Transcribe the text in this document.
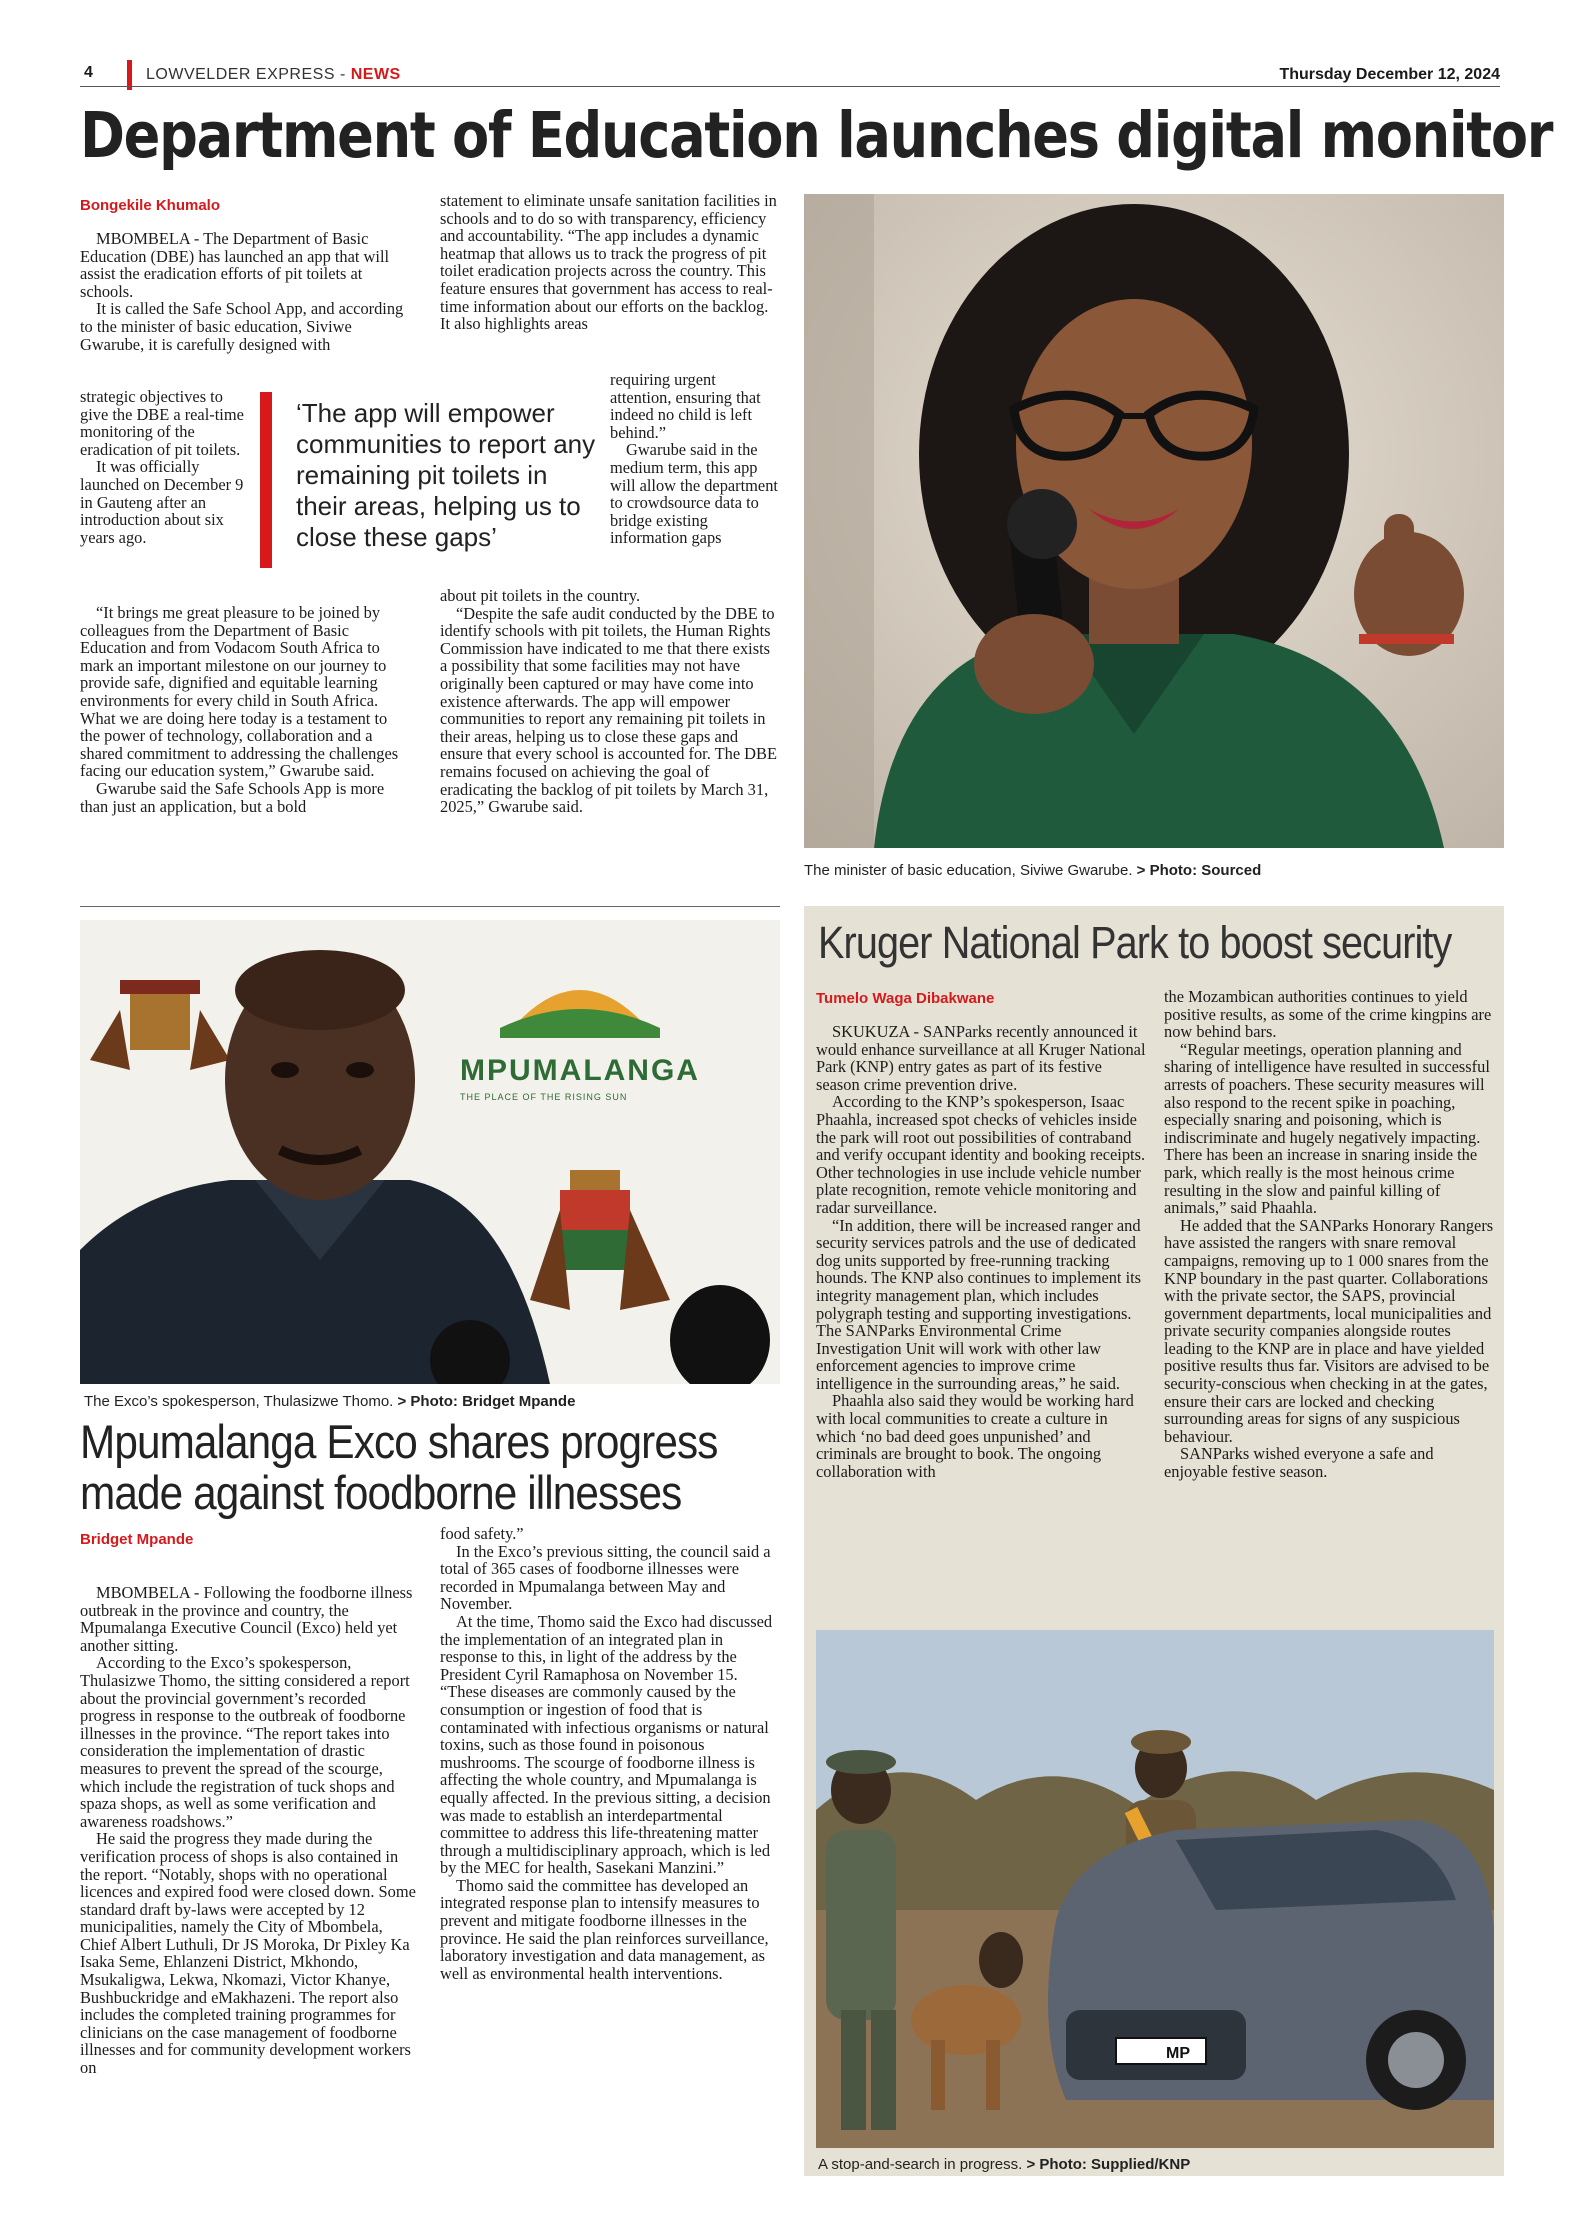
4	LOWVELDER EXPRESS - NEWS	Thursday December 12, 2024
Department of Education launches digital monitor
Bongekile Khumalo

MBOMBELA - The Department of Basic Education (DBE) has launched an app that will assist the eradication efforts of pit toilets at schools.

It is called the Safe School App, and according to the minister of basic education, Siviwe Gwarube, it is carefully designed with

strategic objectives to give the DBE a real-time monitoring of the eradication of pit toilets.

It was officially launched on December 9 in Gauteng after an introduction about six years ago.

“It brings me great pleasure to be joined by colleagues from the Department of Basic Education and from Vodacom South Africa to mark an important milestone on our journey to provide safe, dignified and equitable learning environments for every child in South Africa. What we are doing here today is a testament to the power of technology, collaboration and a shared commitment to addressing the challenges facing our education system,” Gwarube said.

Gwarube said the Safe Schools App is more than just an application, but a bold

statement to eliminate unsafe sanitation facilities in schools and to do so with transparency, efficiency and accountability. “The app includes a dynamic heatmap that allows us to track the progress of pit toilet eradication projects across the country. This feature ensures that government has access to real-time information about our efforts on the backlog. It also highlights areas

requiring urgent attention, ensuring that indeed no child is left behind.”

Gwarube said in the medium term, this app will allow the department to crowdsource data to bridge existing information gaps

about pit toilets in the country.

“Despite the safe audit conducted by the DBE to identify schools with pit toilets, the Human Rights Commission have indicated to me that there exists a possibility that some facilities may not have originally been captured or may have come into existence afterwards. The app will empower communities to report any remaining pit toilets in their areas, helping us to close these gaps and ensure that every school is accounted for. The DBE remains focused on achieving the goal of eradicating the backlog of pit toilets by March 31, 2025,” Gwarube said.

‘The app will empower communities to report any remaining pit toilets in their areas, helping us to close these gaps’
The minister of basic education, Siviwe Gwarube. > Photo: Sourced
MPUMALANGA
THE PLACE OF THE RISING SUN
The Exco’s spokesperson, Thulasizwe Thomo. > Photo: Bridget Mpande
Mpumalanga Exco shares progress made against foodborne illnesses
Bridget Mpande

MBOMBELA - Following the foodborne illness outbreak in the province and country, the Mpumalanga Executive Council (Exco) held yet another sitting.

According to the Exco’s spokesperson, Thulasizwe Thomo, the sitting considered a report about the provincial government’s recorded progress in response to the outbreak of foodborne illnesses in the province. “The report takes into consideration the implementation of drastic measures to prevent the spread of the scourge, which include the registration of tuck shops and spaza shops, as well as some verification and awareness roadshows.”

He said the progress they made during the verification process of shops is also contained in the report. “Notably, shops with no operational licences and expired food were closed down. Some standard draft by-laws were accepted by 12 municipalities, namely the City of Mbombela, Chief Albert Luthuli, Dr JS Moroka, Dr Pixley Ka Isaka Seme, Ehlanzeni District, Mkhondo, Msukaligwa, Lekwa, Nkomazi, Victor Khanye, Bushbuckridge and eMakhazeni. The report also includes the completed training programmes for clinicians on the case management of foodborne illnesses and for community development workers on

food safety.”

In the Exco’s previous sitting, the council said a total of 365 cases of foodborne illnesses were recorded in Mpumalanga between May and November.

At the time, Thomo said the Exco had discussed the implementation of an integrated plan in response to this, in light of the address by the President Cyril Ramaphosa on November 15. “These diseases are commonly caused by the consumption or ingestion of food that is contaminated with infectious organisms or natural toxins, such as those found in poisonous mushrooms. The scourge of foodborne illness is affecting the whole country, and Mpumalanga is equally affected. In the previous sitting, a decision was made to establish an interdepartmental committee to address this life-threatening matter through a multidisciplinary approach, which is led by the MEC for health, Sasekani Manzini.”

Thomo said the committee has developed an integrated response plan to intensify measures to prevent and mitigate foodborne illnesses in the province. He said the plan reinforces surveillance, laboratory investigation and data management, as well as environmental health interventions.

Kruger National Park to boost security
Tumelo Waga Dibakwane

SKUKUZA - SANParks recently announced it would enhance surveillance at all Kruger National Park (KNP) entry gates as part of its festive season crime prevention drive.

According to the KNP’s spokesperson, Isaac Phaahla, increased spot checks of vehicles inside the park will root out possibilities of contraband and verify occupant identity and booking receipts. Other technologies in use include vehicle number plate recognition, remote vehicle monitoring and radar surveillance.

“In addition, there will be increased ranger and security services patrols and the use of dedicated dog units supported by free-running tracking hounds. The KNP also continues to implement its integrity management plan, which includes polygraph testing and supporting investigations. The SANParks Environmental Crime Investigation Unit will work with other law enforcement agencies to improve crime intelligence in the surrounding areas,” he said.

Phaahla also said they would be working hard with local communities to create a culture in which ‘no bad deed goes unpunished’ and criminals are brought to book. The ongoing collaboration with

the Mozambican authorities continues to yield positive results, as some of the crime kingpins are now behind bars.

“Regular meetings, operation planning and sharing of intelligence have resulted in successful arrests of poachers. These security measures will also respond to the recent spike in poaching, especially snaring and poisoning, which is indiscriminate and hugely negatively impacting. There has been an increase in snaring inside the park, which really is the most heinous crime resulting in the slow and painful killing of animals,” said Phaahla.

He added that the SANParks Honorary Rangers have assisted the rangers with snare removal campaigns, removing up to 1 000 snares from the KNP boundary in the past quarter. Collaborations with the private sector, the SAPS, provincial government departments, local municipalities and private security companies alongside routes leading to the KNP are in place and have yielded positive results thus far. Visitors are advised to be security-conscious when checking in at the gates, ensure their cars are locked and checking surrounding areas for signs of any suspicious behaviour.

SANParks wished everyone a safe and enjoyable festive season.

MP
A stop-and-search in progress. > Photo: Supplied/KNP
